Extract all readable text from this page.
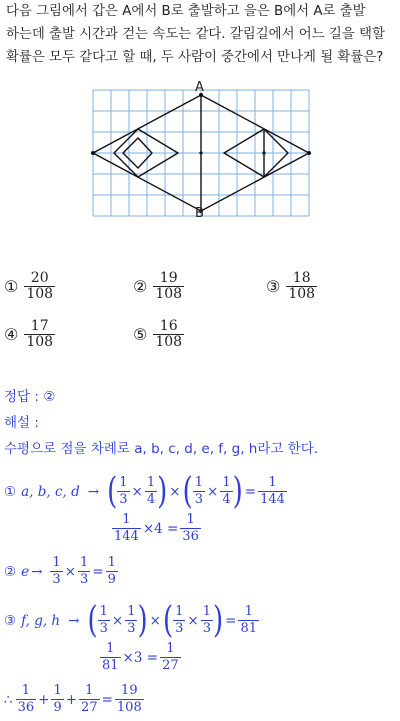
다음 그림에서 갑은 A에서 B로 출발하고 을은 B에서 A로 출발
하는데 출발 시간과 걷는 속도는 같다. 갈림길에서 어느 길을 택할
확률은 모두 같다고 할 때, 두 사람이 중간에서 만나게 될 확률은?
A
B
① $\frac{20}{108}$	② $\frac{19}{108}$	③ $\frac{18}{108}$
④ $\frac{17}{108}$	⑤ $\frac{16}{108}$
정답 : ②
해설 :
수평으로 점을 차례로 a, b, c, d, e, f, g, h라고 한다.
① a, b, c, d → ( $\frac{1}{3} \times \frac{1}{4}$ ) × ( $\frac{1}{3} \times \frac{1}{4}$ ) = $\frac{1}{144}$
$\frac{1}{144} \times 4 = \frac{1}{36}$
② $e \to \frac{1}{3} \times \frac{1}{3} = \frac{1}{9}$
③ f, g, h → ( $\frac{1}{3} \times \frac{1}{3}$ ) × ( $\frac{1}{3} \times \frac{1}{3}$ ) = $\frac{1}{81}$
$\frac{1}{81} \times 3 = \frac{1}{27}$
∴ $\frac{1}{36} + \frac{1}{9} + \frac{1}{27} = \frac{19}{108}$
